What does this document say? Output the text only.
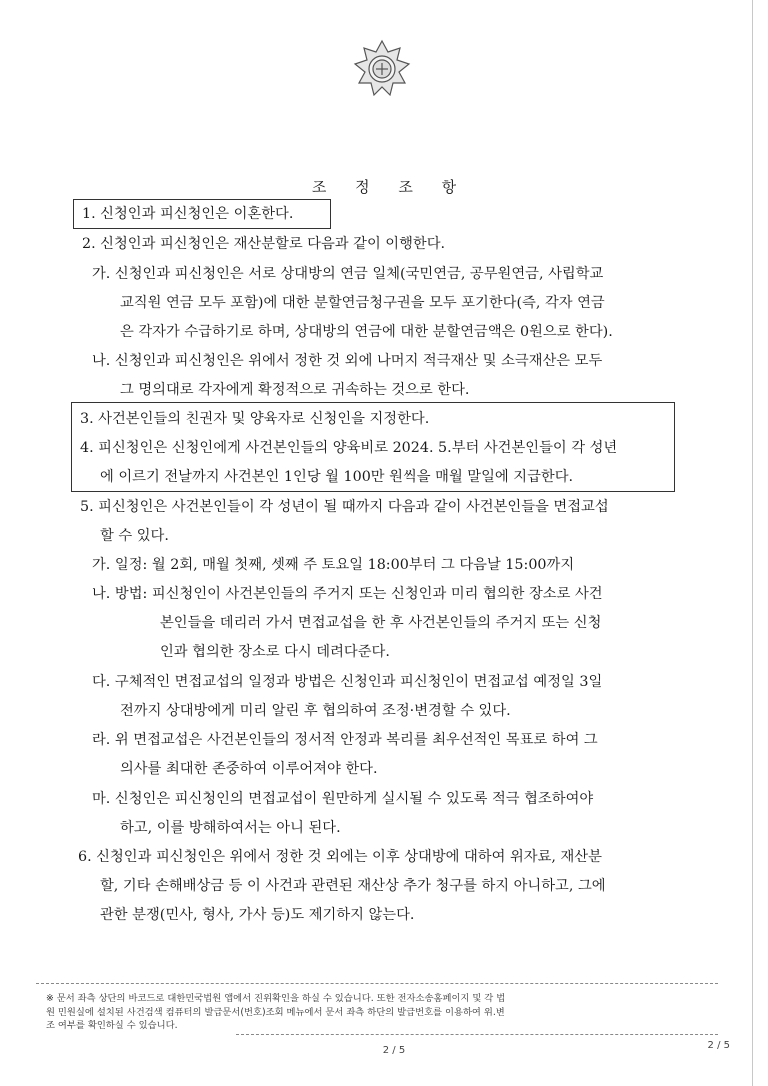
조 정 조 항
1. 신청인과 피신청인은 이혼한다.
2. 신청인과 피신청인은 재산분할로 다음과 같이 이행한다.
가. 신청인과 피신청인은 서로 상대방의 연금 일체(국민연금, 공무원연금, 사립학교
교직원 연금 모두 포함)에 대한 분할연금청구권을 모두 포기한다(즉, 각자 연금
은 각자가 수급하기로 하며, 상대방의 연금에 대한 분할연금액은 0원으로 한다).
나. 신청인과 피신청인은 위에서 정한 것 외에 나머지 적극재산 및 소극재산은 모두
그 명의대로 각자에게 확정적으로 귀속하는 것으로 한다.
3. 사건본인들의 친권자 및 양육자로 신청인을 지정한다.
4. 피신청인은 신청인에게 사건본인들의 양육비로 2024. 5.부터 사건본인들이 각 성년
에 이르기 전날까지 사건본인 1인당 월 100만 원씩을 매월 말일에 지급한다.
5. 피신청인은 사건본인들이 각 성년이 될 때까지 다음과 같이 사건본인들을 면접교섭
할 수 있다.
가. 일정: 월 2회, 매월 첫째, 셋째 주 토요일 18:00부터 그 다음날 15:00까지
나. 방법: 피신청인이 사건본인들의 주거지 또는 신청인과 미리 협의한 장소로 사건
본인들을 데리러 가서 면접교섭을 한 후 사건본인들의 주거지 또는 신청
인과 협의한 장소로 다시 데려다준다.
다. 구체적인 면접교섭의 일정과 방법은 신청인과 피신청인이 면접교섭 예정일 3일
전까지 상대방에게 미리 알린 후 협의하여 조정·변경할 수 있다.
라. 위 면접교섭은 사건본인들의 정서적 안정과 복리를 최우선적인 목표로 하여 그
의사를 최대한 존중하여 이루어져야 한다.
마. 신청인은 피신청인의 면접교섭이 원만하게 실시될 수 있도록 적극 협조하여야
하고, 이를 방해하여서는 아니 된다.
6. 신청인과 피신청인은 위에서 정한 것 외에는 이후 상대방에 대하여 위자료, 재산분
할, 기타 손해배상금 등 이 사건과 관련된 재산상 추가 청구를 하지 아니하고, 그에
관한 분쟁(민사, 형사, 가사 등)도 제기하지 않는다.
※ 문서 좌측 상단의 바코드로 대한민국법원 앱에서 진위확인을 하실 수 있습니다. 또한 전자소송홈페이지 및 각 법
원 민원실에 설치된 사건검색 컴퓨터의 발급문서(번호)조회 메뉴에서 문서 좌측 하단의 발급번호를 이용하여 위.변
조 여부를 확인하실 수 있습니다.
2 / 5	2 / 5
